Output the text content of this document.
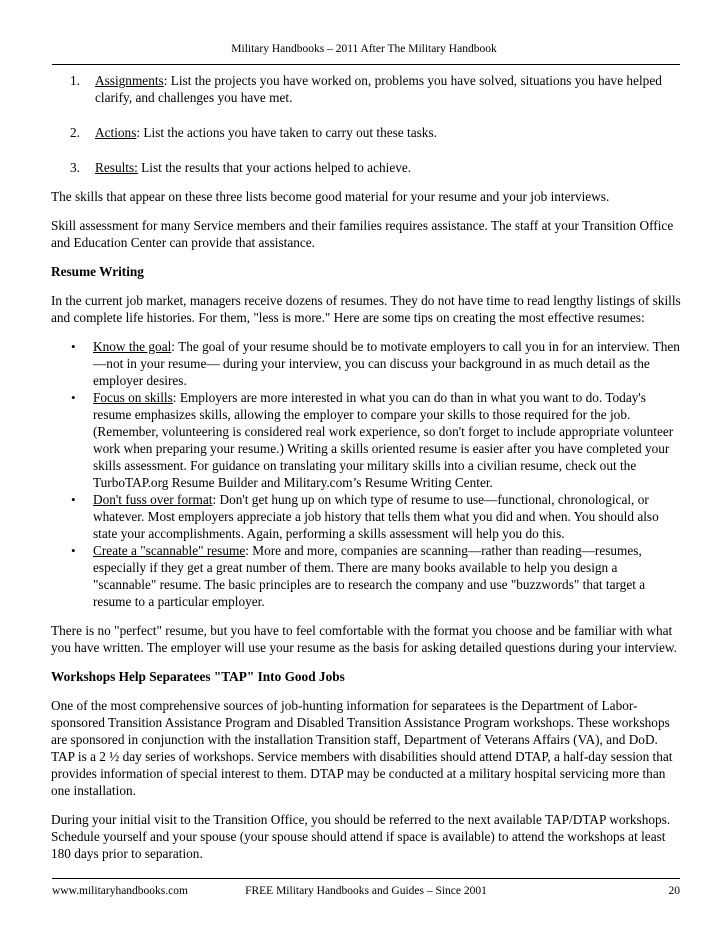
Military Handbooks – 2011 After The Military Handbook
1. Assignments: List the projects you have worked on, problems you have solved, situations you have helped clarify, and challenges you have met.
2. Actions: List the actions you have taken to carry out these tasks.
3. Results: List the results that your actions helped to achieve.

The skills that appear on these three lists become good material for your resume and your job interviews.

Skill assessment for many Service members and their families requires assistance. The staff at your Transition Office and Education Center can provide that assistance.

Resume Writing

In the current job market, managers receive dozens of resumes. They do not have time to read lengthy listings of skills and complete life histories. For them, "less is more." Here are some tips on creating the most effective resumes:

• Know the goal: The goal of your resume should be to motivate employers to call you in for an interview. Then—not in your resume— during your interview, you can discuss your background in as much detail as the employer desires.
• Focus on skills: Employers are more interested in what you can do than in what you want to do. Today's resume emphasizes skills, allowing the employer to compare your skills to those required for the job. (Remember, volunteering is considered real work experience, so don't forget to include appropriate volunteer work when preparing your resume.) Writing a skills oriented resume is easier after you have completed your skills assessment. For guidance on translating your military skills into a civilian resume, check out the TurboTAP.org Resume Builder and Military.com’s Resume Writing Center.
• Don't fuss over format: Don't get hung up on which type of resume to use—functional, chronological, or whatever. Most employers appreciate a job history that tells them what you did and when. You should also state your accomplishments. Again, performing a skills assessment will help you do this.
• Create a "scannable" resume: More and more, companies are scanning—rather than reading—resumes, especially if they get a great number of them. There are many books available to help you design a "scannable" resume. The basic principles are to research the company and use "buzzwords" that target a resume to a particular employer.

There is no "perfect" resume, but you have to feel comfortable with the format you choose and be familiar with what you have written. The employer will use your resume as the basis for asking detailed questions during your interview.

Workshops Help Separatees "TAP" Into Good Jobs

One of the most comprehensive sources of job-hunting information for separatees is the Department of Labor-sponsored Transition Assistance Program and Disabled Transition Assistance Program workshops. These workshops are sponsored in conjunction with the installation Transition staff, Department of Veterans Affairs (VA), and DoD. TAP is a 2 ½ day series of workshops. Service members with disabilities should attend DTAP, a half-day session that provides information of special interest to them. DTAP may be conducted at a military hospital servicing more than one installation.

During your initial visit to the Transition Office, you should be referred to the next available TAP/DTAP workshops. Schedule yourself and your spouse (your spouse should attend if space is available) to attend the workshops at least 180 days prior to separation.

www.militaryhandbooks.com	FREE Military Handbooks and Guides – Since 2001	20
